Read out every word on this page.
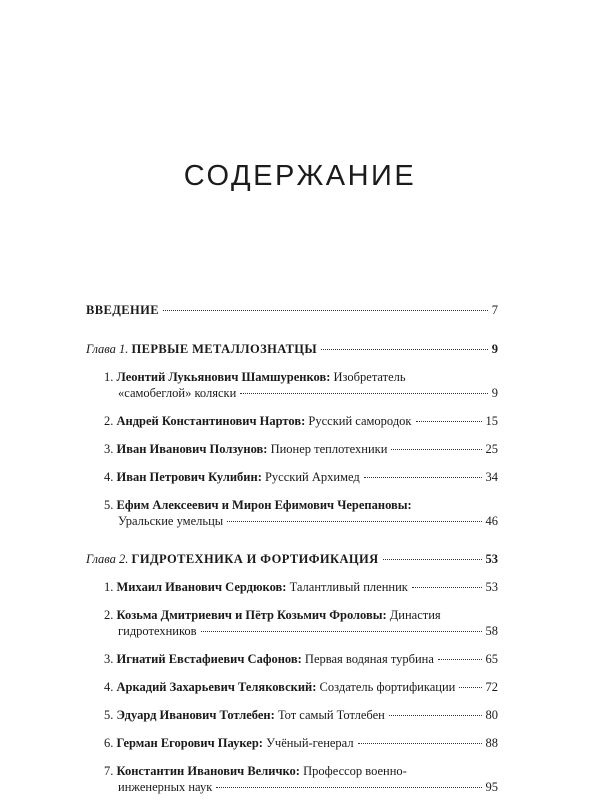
СОДЕРЖАНИЕ
ВВЕДЕНИЕ	7
Глава 1. ПЕРВЫЕ МЕТАЛЛОЗНАТЦЫ	9
1. Леонтий Лукьянович Шамшуренков: Изобретатель
«самобеглой» коляски	9
2. Андрей Константинович Нартов: Русский самородок	15
3. Иван Иванович Ползунов: Пионер теплотехники	25
4. Иван Петрович Кулибин: Русский Архимед	34
5. Ефим Алексеевич и Мирон Ефимович Черепановы:
Уральские умельцы	46
Глава 2. ГИДРОТЕХНИКА И ФОРТИФИКАЦИЯ	53
1. Михаил Иванович Сердюков: Талантливый пленник	53
2. Козьма Дмитриевич и Пётр Козьмич Фроловы: Династия
гидротехников	58
3. Игнатий Евстафиевич Сафонов: Первая водяная турбина	65
4. Аркадий Захарьевич Теляковский: Создатель фортификации 72
5. Эдуард Иванович Тотлебен: Тот самый Тотлебен	80
6. Герман Егорович Паукер: Учёный-генерал	88
7. Константин Иванович Величко: Профессор военно-
инженерных наук	95
